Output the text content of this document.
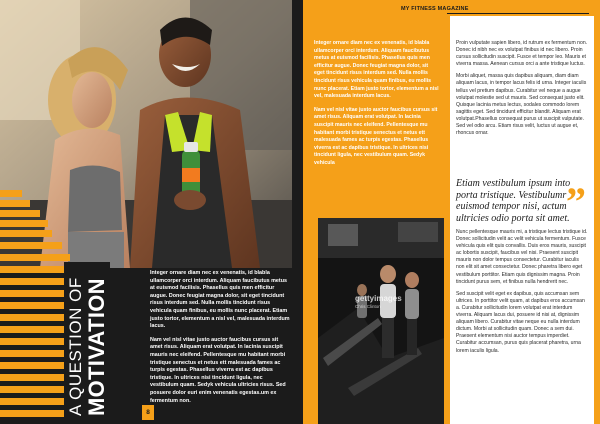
A QUESTION OF MOTIVATION

Integer ornare diam nec ex venenatis, id blabla ullamcorper orci interdum. Aliquam faucibutus metus at euismod facilisis. Phasellus quis men efficitur augue. Donec feugiat magna dolor, sit eget tincidunt risus interdum sed. Nulla mollis tincidunt risus vehicula quam finibus, eu mollis nunc placerat. Etiam justo tortor, elementum a nisl vel, malesuada interdum lacus.

Nam vel nisl vitae justo auctor faucibus cursus sit amet risus. Aliquam erat volutpat. In lacinia suscipit mauris nec eleifend. Pellentesque mu habitant morbi tristique senectus et netus ett malesuada fames ac turpis egestas. Phasellus viverra est ac dapibus tristique. In ultrices nisi tincidunt ligula, nec vestibulum quam. Sedyk vehicula ultricies risus. Sed posuere dolor euri enim venenatis egestas.um ex fermentum non.

8
MY FITNESS MAGAZINE

Integer ornare diam nec ex venenatis, id blabla ullamcorper orci interdum. Aliquam faucibutus metus at euismod facilisis. Phasellus quis men efficitur augue. Donec feugiat magna dolor, sit eget tincidunt risus interdum sed. Nulla mollis tincidunt risus vehicula quam finibus, eu mollis nunc placerat. Etiam justo tortor, elementum a nisl vel, malesuada interdum lacus.

Nam vel nisl vitae justo auctor faucibus cursus sit amet risus. Aliquam erat volutpat. In lacinia suscipit mauris nec eleifend. Pellentesque mu habitant morbi tristique senectus et netus ett malesuada fames ac turpis egestas. Phasellus viverra est ac dapibus tristique. In ultrices nisi tincidunt ligula, nec vestibulum quam. Sedyk vehicula

gettyimages
Chris Clinton

Proin vulputate sapien libero, id rutrum ex fermentum non. Donec id nibh nec ex volutpat finibus id nec libero. Proin cursus sollicitudin suscipit. Fusce et tempor leo. Mauris et viverra massa. Aenean cursus orci a ante tristique luctus.

Morbi aliquet, massa quis dapibus aliquam, diam diam aliquam lacus, in tempor lacus felis id urna. Integer iaculis tellus vel pretium dapibus. Curabitur vel neque a augue volutpat molestie sed ut mauris. Sed consequat justo elit. Quisque lacinia metus lectus, sodales commodo lorem sagittis eget. Sed tincidunt efficitur blandit. Aliquam erat volutpat.Phasellus consequat purus ut suscipit vulputate. Sed vel odio arcu. Etiam risus velit, luctus ut augue et, rhoncus ornar.

Etiam vestibulum ipsum into porta tristique. Vestibulumr euismod tempor nisi, actum ultricies odio porta sit amet.
”

Nunc pellentesque mauris mi, a tristique lectus tristique id. Donec sollicitudin velit ac velit vehicula fermentum. Fusce vehicula quis elit quis convallis. Duis eros mauris, suscipit ac lobortis suscipit, faucibus vel nisi. Praesent suscipit mauris non dolor tempus consectetur. Curabitur iaculis non elit sit amet consectetur. Donec pharetra libero eget vestibulum porttitor. Etiam quis dignissim magna. Proin tincidunt purus sem, et finibus nulla hendrerit nec.

Sed suscipit velit eget ex dapibus, quis accumsan sem ultrices. In porttitor velit quam, at dapibus eros accumsan a. Curabitur sollicitudin lorem volutpat erat interdum viverra. Aliquam lacus dui, posuere id nisi at, dignissim aliquam libero. Curabitur vitae neque eu nulla interdum dictum. Morbi at sollicitudin quam. Donec a sem dui. Praesent elementum nisi auctor tempus imperdiet. Curabitur accumsan, purus quis placerat pharetra, urna lorem iaculis ligula.
